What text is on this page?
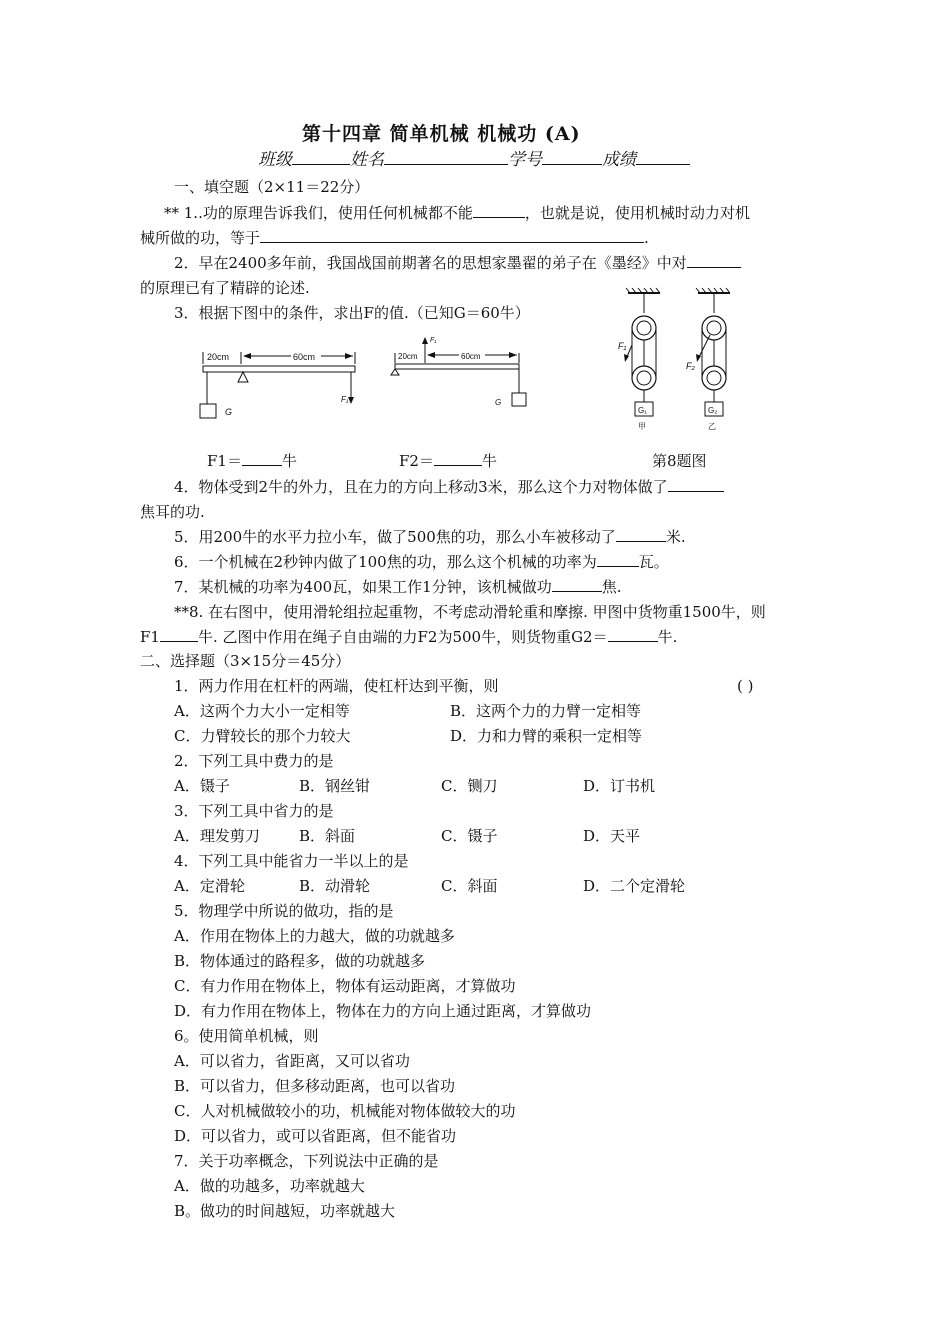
第十四章 简单机械 机械功 (A)
班级	姓名	学号	成绩
一、填空题（2×11＝22分）
** 1..功的原理告诉我们，使用任何机械都不能	，也就是说，使用机械时动力对机
械所做的功，等于	.
2．早在2400多年前，我国战国前期著名的思想家墨翟的弟子在《墨经》中对
的原理已有了精辟的论述.
3．根据下图中的条件，求出F的值.（已知G＝60牛）
20cm	60cm
G
F₁
20cm	60cm
F₁
G
F₁
G₁
甲
F₂
G₂
乙
F1＝	牛	F2＝	牛	第8题图
4．物体受到2牛的外力，且在力的方向上移动3米，那么这个力对物体做了
焦耳的功.
5．用200牛的水平力拉小车，做了500焦的功，那么小车被移动了	米.
6．一个机械在2秒钟内做了100焦的功，那么这个机械的功率为	瓦。
7．某机械的功率为400瓦，如果工作1分钟，该机械做功	焦.
**8. 在右图中，使用滑轮组拉起重物，不考虑动滑轮重和摩擦. 甲图中货物重1500牛，则
F1	牛. 乙图中作用在绳子自由端的力F2为500牛，则货物重G2＝	牛.
二、选择题（3×15分＝45分）
1．两力作用在杠杆的两端，使杠杆达到平衡，则	( )
A．这两个力大小一定相等	B．这两个力的力臂一定相等
C．力臂较长的那个力较大	D．力和力臂的乘积一定相等
2．下列工具中费力的是
A．镊子	B．钢丝钳	C．铡刀	D．订书机
3．下列工具中省力的是
A．理发剪刀	B．斜面	C．镊子	D．天平
4．下列工具中能省力一半以上的是
A．定滑轮	B．动滑轮	C．斜面	D．二个定滑轮
5．物理学中所说的做功，指的是
A．作用在物体上的力越大，做的功就越多
B．物体通过的路程多，做的功就越多
C．有力作用在物体上，物体有运动距离，才算做功
D．有力作用在物体上，物体在力的方向上通过距离，才算做功
6。使用简单机械，则
A．可以省力，省距离，又可以省功
B．可以省力，但多移动距离，也可以省功
C．人对机械做较小的功，机械能对物体做较大的功
D．可以省力，或可以省距离，但不能省功
7．关于功率概念，下列说法中正确的是
A．做的功越多，功率就越大
B。做功的时间越短，功率就越大
